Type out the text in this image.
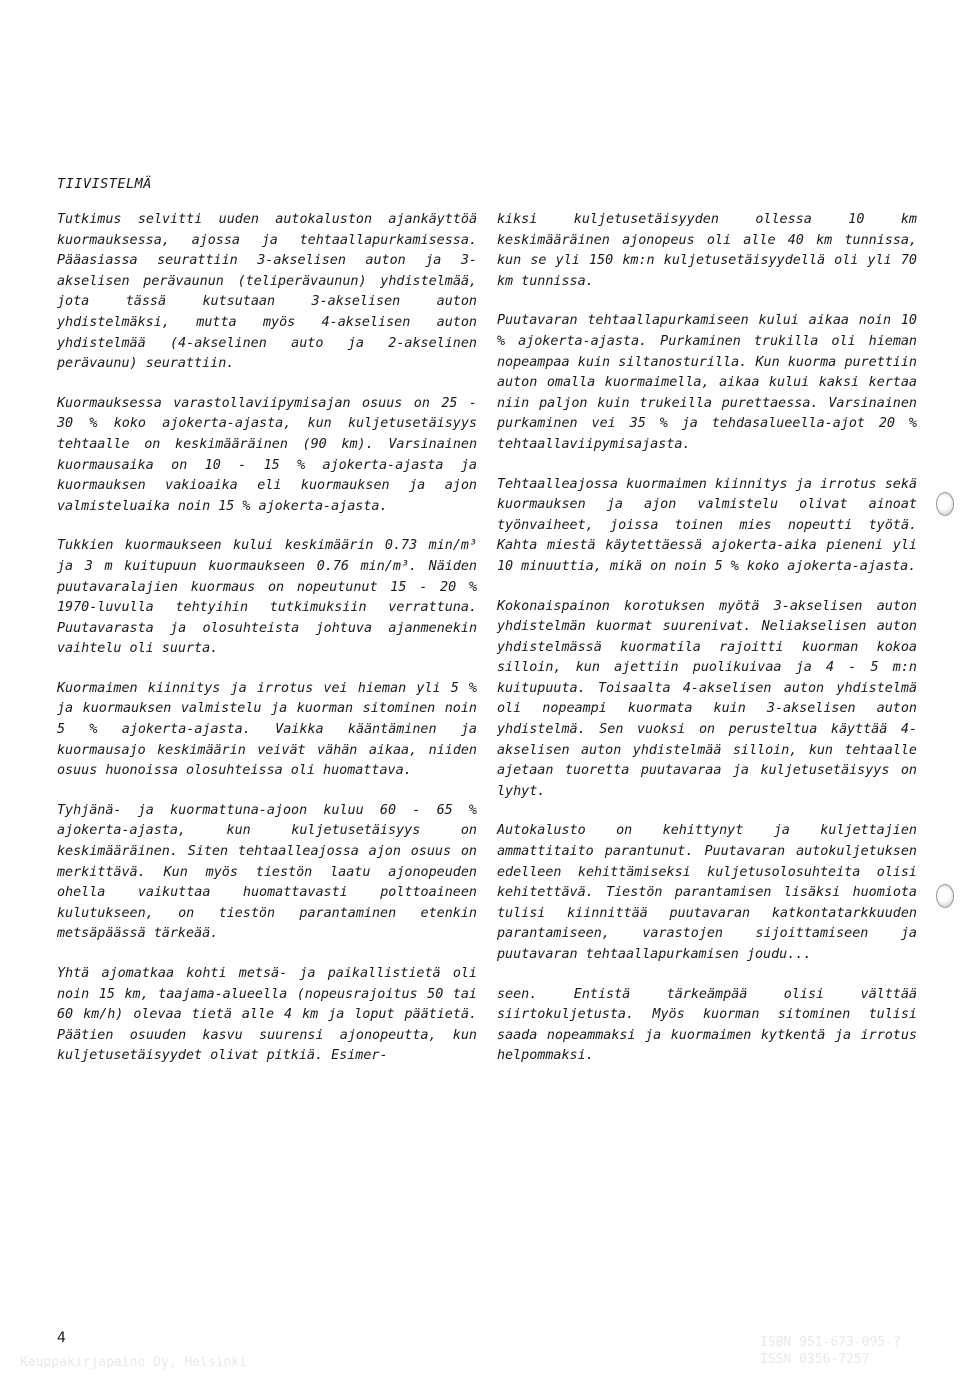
TIIVISTELMÄ

Tutkimus selvitti uuden autokaluston ajankäyttöä kuormauksessa, ajossa ja tehtaallapurkamisessa. Pääasiassa seurattiin 3-akselisen auton ja 3-akselisen perävaunun (teliperävaunun) yhdistelmää, jota tässä kutsutaan 3-akselisen auton yhdistelmäksi, mutta myös 4-akselisen auton yhdistelmää (4-akselinen auto ja 2-akselinen perävaunu) seurattiin.

Kuormauksessa varastollaviipymisajan osuus on 25 - 30 % koko ajokerta-ajasta, kun kuljetusetäisyys tehtaalle on keskimääräinen (90 km). Varsinainen kuormausaika on 10 - 15 % ajokerta-ajasta ja kuormauksen vakioaika eli kuormauksen ja ajon valmisteluaika noin 15 % ajokerta-ajasta.

Tukkien kuormaukseen kului keskimäärin 0.73 min/m³ ja 3 m kuitupuun kuormaukseen 0.76 min/m³. Näiden puutavaralajien kuormaus on nopeutunut 15 - 20 % 1970-luvulla tehtyihin tutkimuksiin verrattuna. Puutavarasta ja olosuhteista johtuva ajanmenekin vaihtelu oli suurta.

Kuormaimen kiinnitys ja irrotus vei hieman yli 5 % ja kuormauksen valmistelu ja kuorman sitominen noin 5 % ajokerta-ajasta. Vaikka kääntäminen ja kuormausajo keskimäärin veivät vähän aikaa, niiden osuus huonoissa olosuhteissa oli huomattava.

Tyhjänä- ja kuormattuna-ajoon kuluu 60 - 65 % ajokerta-ajasta, kun kuljetusetäisyys on keskimääräinen. Siten tehtaalleajossa ajon osuus on merkittävä. Kun myös tiestön laatu ajonopeuden ohella vaikuttaa huomattavasti polttoaineen kulutukseen, on tiestön parantaminen etenkin metsäpäässä tärkeää.

Yhtä ajomatkaa kohti metsä- ja paikallistietä oli noin 15 km, taajama-alueella (nopeusrajoitus 50 tai 60 km/h) olevaa tietä alle 4 km ja loput päätietä. Päätien osuuden kasvu suurensi ajonopeutta, kun kuljetusetäisyydet olivat pitkiä. Esimer-

kiksi kuljetusetäisyyden ollessa 10 km keskimääräinen ajonopeus oli alle 40 km tunnissa, kun se yli 150 km:n kuljetusetäisyydellä oli yli 70 km tunnissa.

Puutavaran tehtaallapurkamiseen kului aikaa noin 10 % ajokerta-ajasta. Purkaminen trukilla oli hieman nopeampaa kuin siltanosturilla. Kun kuorma purettiin auton omalla kuormaimella, aikaa kului kaksi kertaa niin paljon kuin trukeilla purettaessa. Varsinainen purkaminen vei 35 % ja tehdasalueella-ajot 20 % tehtaallaviipymisajasta.

Tehtaalleajossa kuormaimen kiinnitys ja irrotus sekä kuormauksen ja ajon valmistelu olivat ainoat työnvaiheet, joissa toinen mies nopeutti työtä. Kahta miestä käytettäessä ajokerta-aika pieneni yli 10 minuuttia, mikä on noin 5 % koko ajokerta-ajasta.

Kokonaispainon korotuksen myötä 3-akselisen auton yhdistelmän kuormat suurenivat. Neliakselisen auton yhdistelmässä kuormatila rajoitti kuorman kokoa silloin, kun ajettiin puolikuivaa ja 4 - 5 m:n kuitupuuta. Toisaalta 4-akselisen auton yhdistelmä oli nopeampi kuormata kuin 3-akselisen auton yhdistelmä. Sen vuoksi on perusteltua käyttää 4-akselisen auton yhdistelmää silloin, kun tehtaalle ajetaan tuoretta puutavaraa ja kuljetusetäisyys on lyhyt.

Autokalusto on kehittynyt ja kuljettajien ammattitaito parantunut. Puutavaran autokuljetuksen edelleen kehittämiseksi kuljetusolosuhteita olisi kehitettävä. Tiestön parantamisen lisäksi huomiota tulisi kiinnittää puutavaran katkontatarkkuuden parantamiseen, varastojen sijoittamiseen ja puutavaran tehtaallapurkamisen joudu...

seen. Entistä tärkeämpää olisi välttää siirtokuljetusta. Myös kuorman sitominen tulisi saada nopeammaksi ja kuormaimen kytkentä ja irrotus helpommaksi.

4
Kauppakirjapaino Oy, Helsinki
ISBN 951-673-095-?
ISSN 0356-7257
